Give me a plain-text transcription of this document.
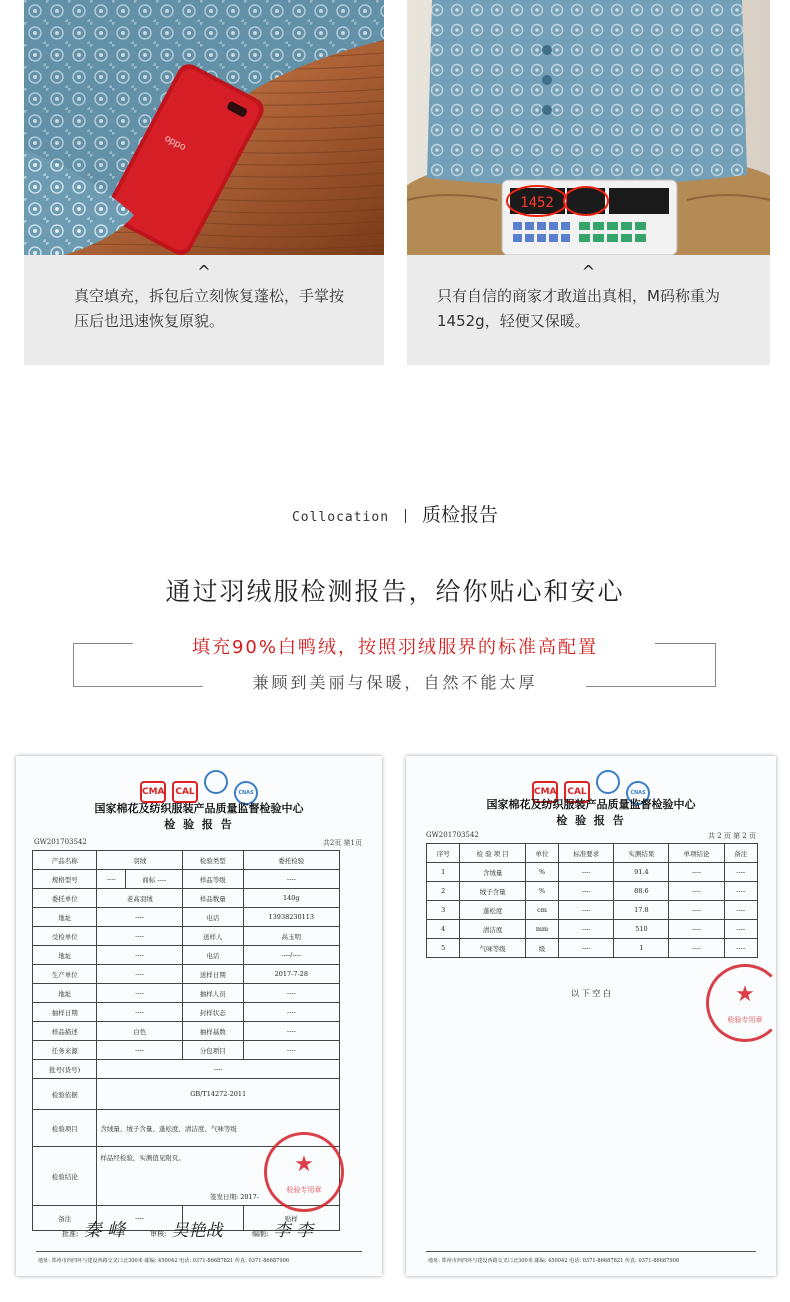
oppo
^
真空填充，拆包后立刻恢复蓬松，手掌按压后也迅速恢复原貌。
1452
^
只有自信的商家才敢道出真相，M码称重为1452g，轻便又保暖。
Collocation 质检报告
通过羽绒服检测报告，给你贴心和安心
填充90%白鸭绒，按照羽绒服界的标准高配置
兼顾到美丽与保暖，自然不能太厚
CMA CAL	CNAS
国家棉花及纺织服装产品质量监督检验中心
检 验 报 告
GW201703542	共2页 第1页
产品名称	羽绒		检验类型	委托检验
规格型号	----	商标 ----	样品等级	----
委托单位	老高羽绒		样品数量	140g
地址	----		电话	13938230113
受检单位	----		送样人	高玉明
地址	----		电话	----/----
生产单位	----		送样日期	2017-7-28
地址	----		抽样人员	----
抽样日期	----		封样状态	----
样品描述	白色		抽样基数	----
任务来源	----		分包项目	----
批号(货号)	----			
检验依据	GB/T14272-2011			
检验项目	含绒量、绒子含量、蓬松度、清洁度、气味等级			
检验结论	样品经检验，实测值见附页。
签发日期: 2017-			

备注	----			贴样
★
检验专用章
批准: 秦 峰	审核: 吴艳战	编制: 李 李
地址: 郑州市西四环与建设西路交叉口北300米 邮编: 450042 电话: 0371-86687821 传真: 0371-86687906
CMA CAL	CNAS
国家棉花及纺织服装产品质量监督检验中心
检 验 报 告
GW201703542	共 2 页 第 2 页
序号	检 验 项 目	单位	标准要求	实测结果	单项结论	备注
1	含绒量	%	----	91.4	----	----
2	绒子含量	%	----	88.6	----	----
3	蓬松度	cm	----	17.8	----	----
4	清洁度	mm	----	510	----	----
5	气味等级	级	----	1	----	----
以 下 空 白	★
检验专用章
地址: 郑州市西四环与建设西路交叉口北300米 邮编: 450042 电话: 0371-86687821 传真: 0371-86687906
